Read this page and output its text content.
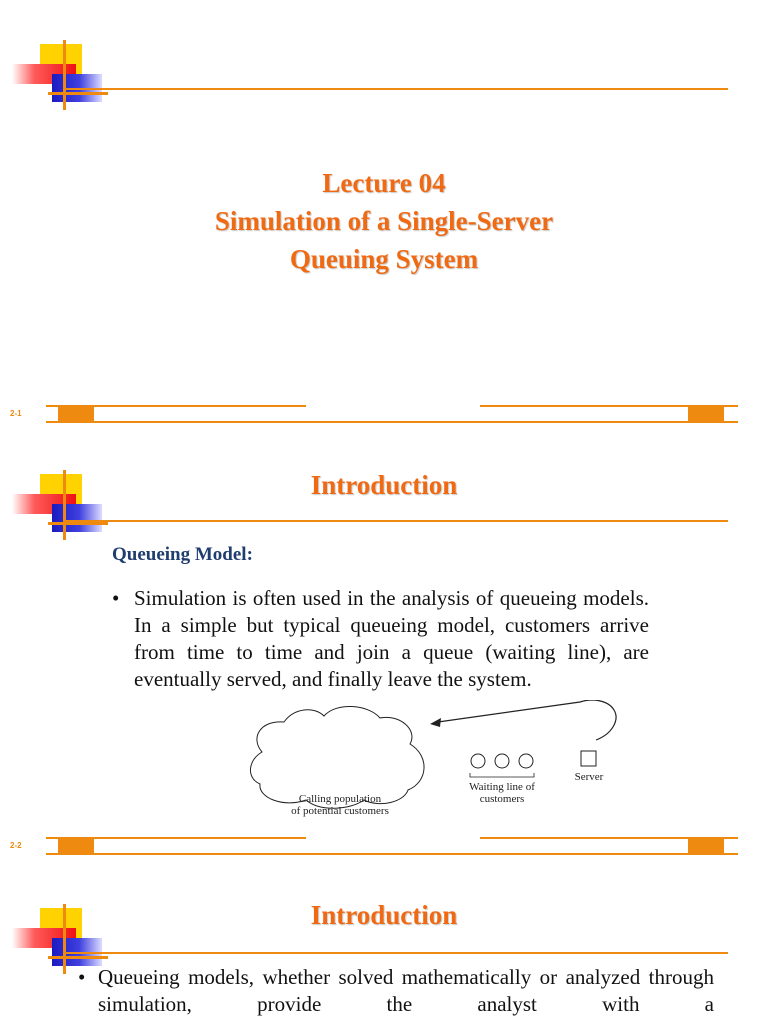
Lecture 04
Simulation of a Single-Server
Queuing System
2-1
Introduction
Queueing Model:
• Simulation is often used in the analysis of queueing models. In a simple but typical queueing model, customers arrive from time to time and join a queue (waiting line), are eventually served, and finally leave the system.
Calling population
of potential customers
Waiting line of
customers
Server
2-2
Introduction
• Queueing models, whether solved mathematically or analyzed through simulation, provide the analyst with a
